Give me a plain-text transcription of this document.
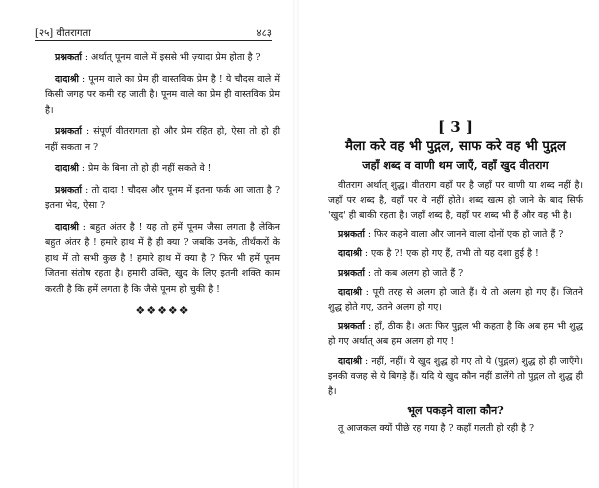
[२५] वीतरागता	४८३

प्रश्नकर्ता : अर्थात् पूनम वाले में इससे भी ज़्यादा प्रेम होता है ?

दादाश्री : पूनम वाले का प्रेम ही वास्तविक प्रेम है ! ये चौदस वाले में किसी जगह पर कमी रह जाती है। पूनम वाले का प्रेम ही वास्तविक प्रेम है।

प्रश्नकर्ता : संपूर्ण वीतरागता हो और प्रेम रहित हो, ऐसा तो हो ही नहीं सकता न ?

दादाश्री : प्रेम के बिना तो हो ही नहीं सकते वे !

प्रश्नकर्ता : तो दादा ! चौदस और पूनम में इतना फर्क आ जाता है ? इतना भेद, ऐसा ?

दादाश्री : बहुत अंतर है ! यह तो हमें पूनम जैसा लगता है लेकिन बहुत अंतर है ! हमारे हाथ में है ही क्या ? जबकि उनके, तीर्थंकरों के हाथ में तो सभी कुछ है ! हमारे हाथ में क्या है ? फिर भी हमें पूनम जितना संतोष रहता है। हमारी उक्ति, खुद के लिए इतनी शक्ति काम करती है कि हमें लगता है कि जैसे पूनम हो चुकी है !

❖❖❖❖❖
[ 3 ]
मैला करे वह भी पुद्गल, साफ करे वह भी पुद्गल
जहाँ शब्द व वाणी थम जाएँ, वहाँ खुद वीतराग

वीतराग अर्थात् शुद्ध। वीतराग वहाँ पर है जहाँ पर वाणी या शब्द नहीं है। जहाँ पर शब्द है, वहाँ पर वे नहीं होते। शब्द खत्म हो जाने के बाद सिर्फ 'खुद' ही बाकी रहता है। जहाँ शब्द है, वहाँ पर शब्द भी हैं और वह भी है।

प्रश्नकर्ता : फिर कहने वाला और जानने वाला दोनों एक हो जाते हैं ?

दादाश्री : एक है ?! एक हो गए हैं, तभी तो यह दशा हुई है !

प्रश्नकर्ता : तो कब अलग हो जाते हैं ?

दादाश्री : पूरी तरह से अलग हो जाते हैं। ये तो अलग हो गए हैं। जितने शुद्ध होते गए, उतने अलग हो गए।

प्रश्नकर्ता : हाँ, ठीक है। अतः फिर पुद्गल भी कहता है कि अब हम भी शुद्ध हो गए अर्थात् अब हम अलग हो गए !

दादाश्री : नहीं, नहीं। ये खुद शुद्ध हो गए तो ये (पुद्गल) शुद्ध हो ही जाएँगे। इनकी वजह से ये बिगड़े हैं। यदि ये खुद कौन नहीं डालेंगे तो पुद्गल तो शुद्ध ही है।

भूल पकड़ने वाला कौन?

तू आजकल क्यों पीछे रह गया है ? कहाँ गलती हो रही है ?
